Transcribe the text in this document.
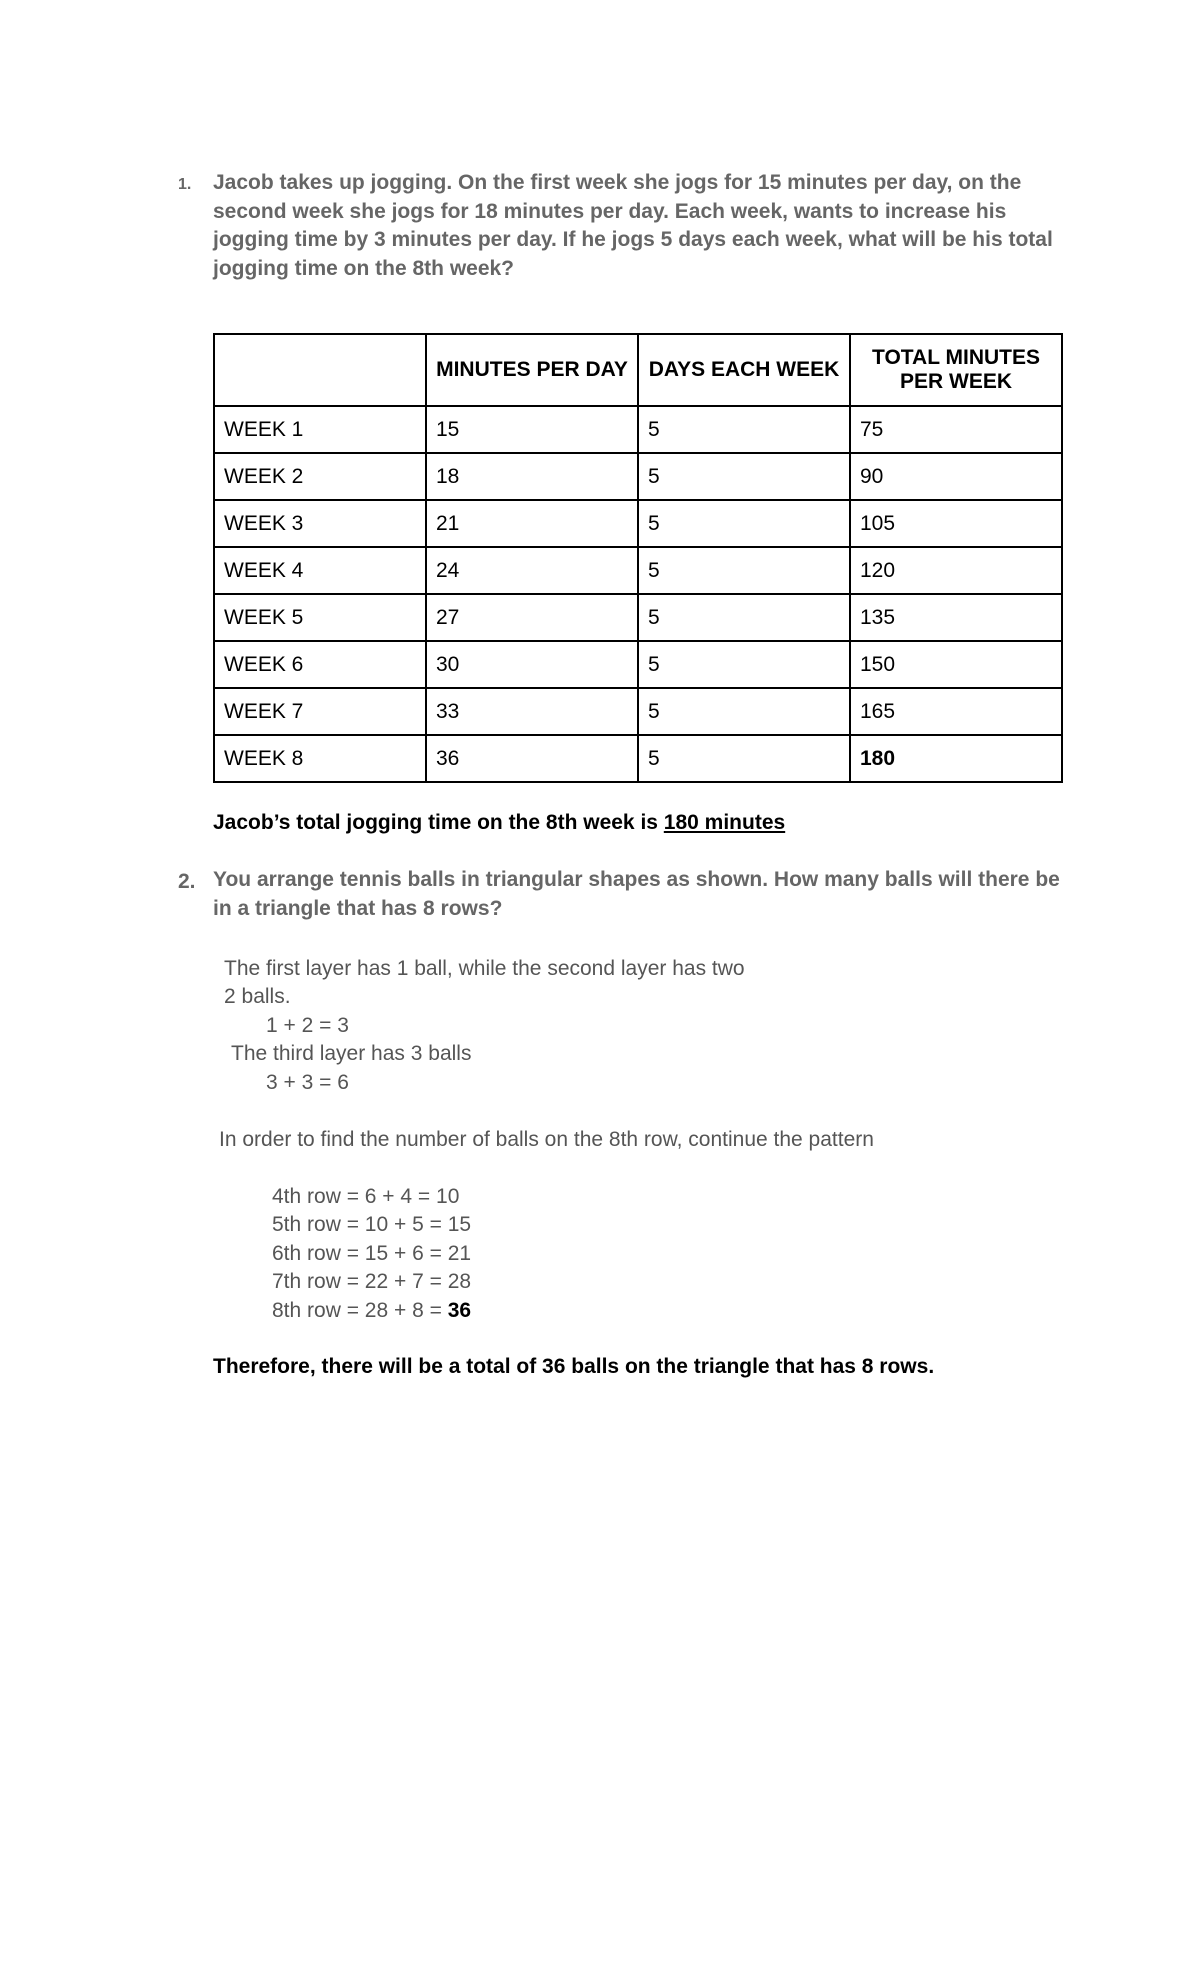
1. Jacob takes up jogging. On the first week she jogs for 15 minutes per day, on the second week she jogs for 18 minutes per day. Each week, wants to increase his jogging time by 3 minutes per day. If he jogs 5 days each week, what will be his total jogging time on the 8th week?
	MINUTES PER DAY	DAYS EACH WEEK	TOTAL MINUTES PER WEEK
WEEK 1	15	5	75
WEEK 2	18	5	90
WEEK 3	21	5	105
WEEK 4	24	5	120
WEEK 5	27	5	135
WEEK 6	30	5	150
WEEK 7	33	5	165
WEEK 8	36	5	180
Jacob’s total jogging time on the 8th week is 180 minutes
2. You arrange tennis balls in triangular shapes as shown. How many balls will there be in a triangle that has 8 rows?
The first layer has 1 ball, while the second layer has two
2 balls.
1 + 2 = 3
The third layer has 3 balls
3 + 3 = 6
In order to find the number of balls on the 8th row, continue the pattern
4th row = 6 + 4 = 10
5th row = 10 + 5 = 15
6th row = 15 + 6 = 21
7th row = 22 + 7 = 28
8th row = 28 + 8 = 36
Therefore, there will be a total of 36 balls on the triangle that has 8 rows.
